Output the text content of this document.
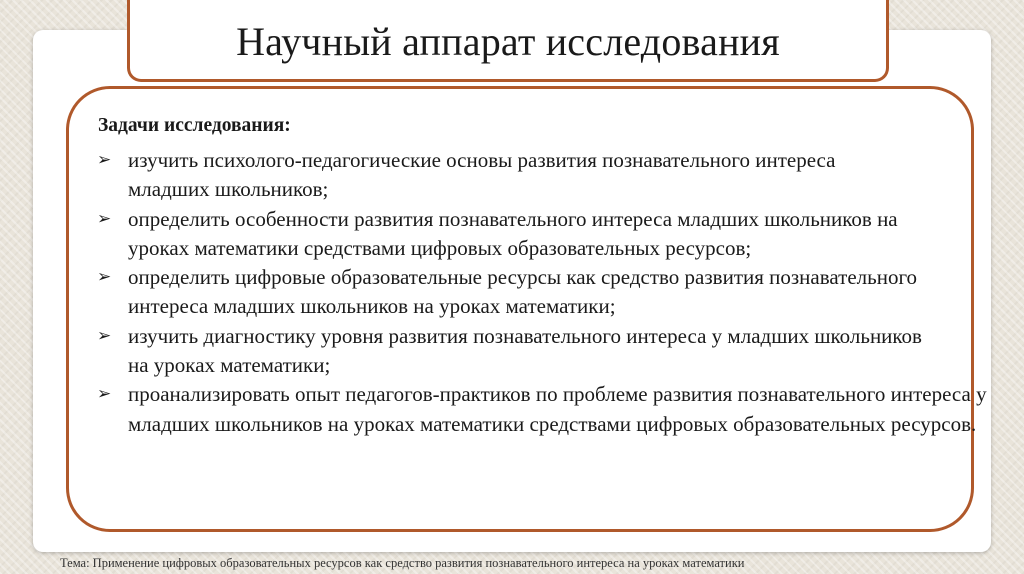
Научный аппарат исследования
Задачи исследования:
➢ изучить психолого-педагогические основы развития познавательного интереса младших школьников;
➢ определить особенности развития познавательного интереса младших школьников на уроках математики средствами цифровых образовательных ресурсов;
➢ определить цифровые образовательные ресурсы как средство развития познавательного интереса младших школьников на уроках математики;
➢ изучить диагностику уровня развития познавательного интереса у младших школьников на уроках математики;
➢ проанализировать опыт педагогов-практиков по проблеме развития познавательного интереса у младших школьников на уроках математики средствами цифровых образовательных ресурсов.
Тема: Применение цифровых образовательных ресурсов как средство развития познавательного интереса на уроках математики
